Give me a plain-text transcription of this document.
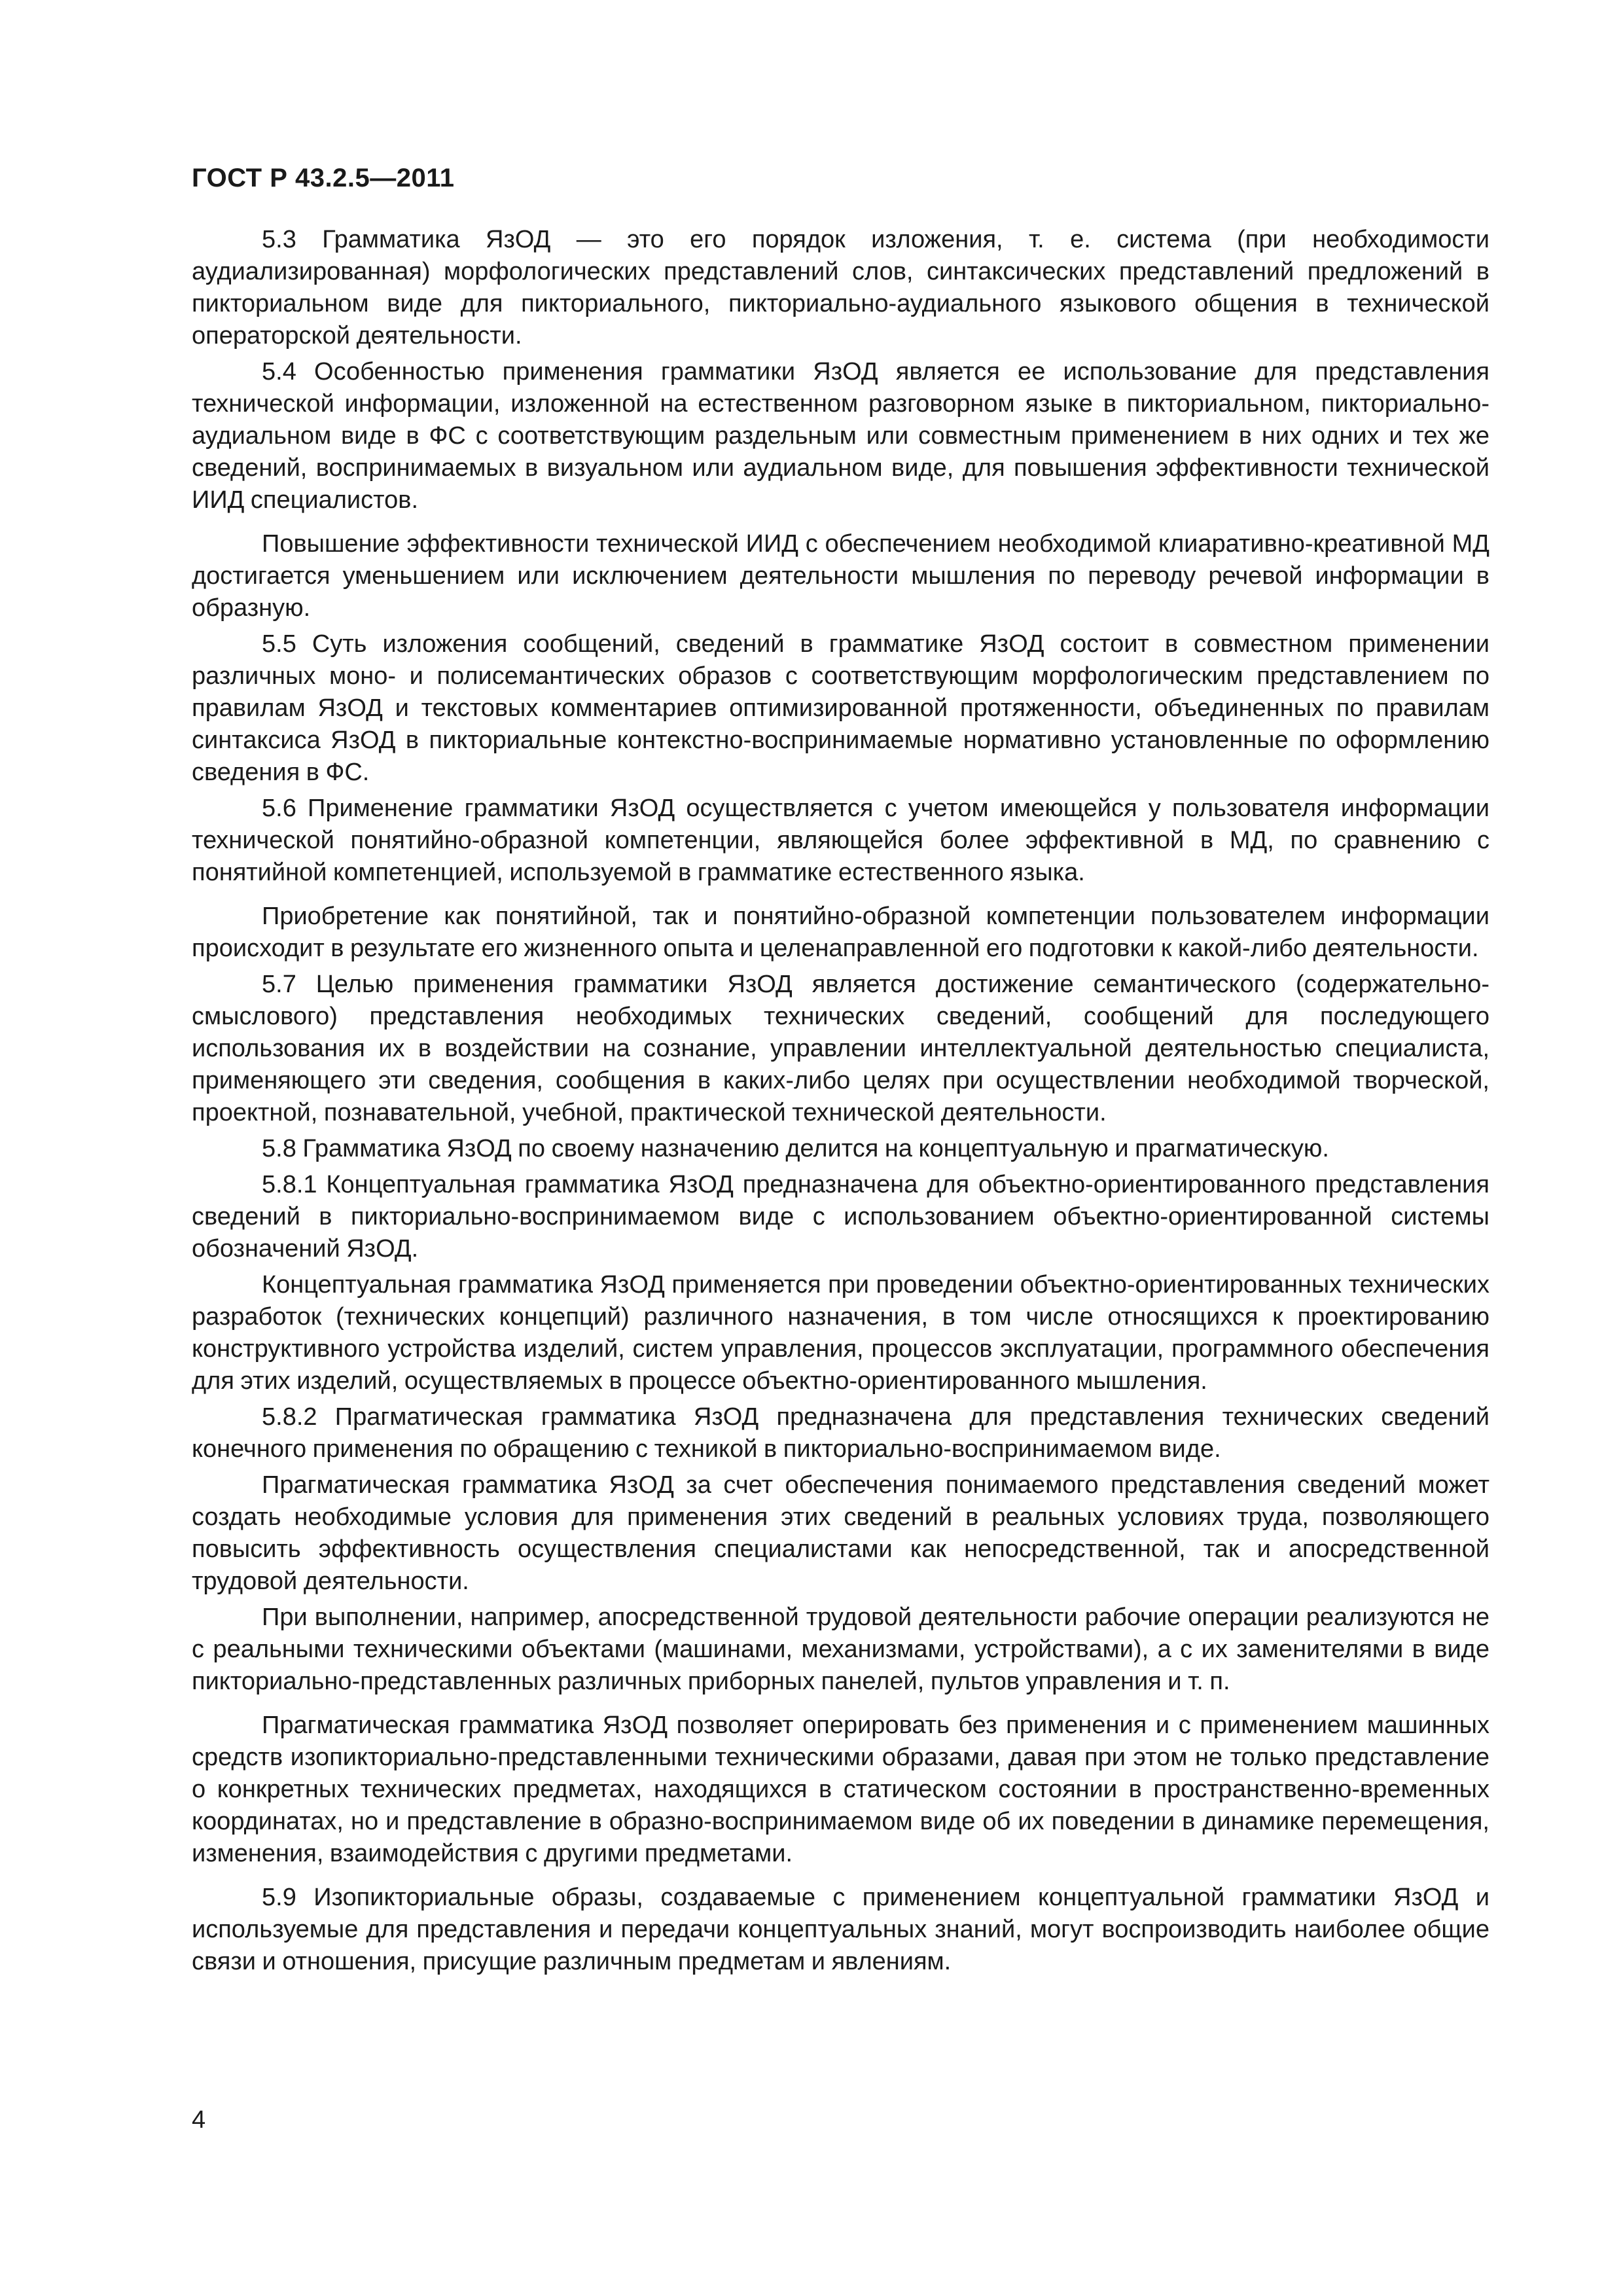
ГОСТ Р 43.2.5—2011

5.3 Грамматика ЯзОД — это его порядок изложения, т. е. система (при необходимости аудиализированная) морфологических представлений слов, синтаксических представлений предложений в пикториальном виде для пикториального, пикториально-аудиального языкового общения в технической операторской деятельности.

5.4 Особенностью применения грамматики ЯзОД является ее использование для представления технической информации, изложенной на естественном разговорном языке в пикториальном, пикториально-аудиальном виде в ФС с соответствующим раздельным или совместным применением в них одних и тех же сведений, воспринимаемых в визуальном или аудиальном виде, для повышения эффективности технической ИИД специалистов.

Повышение эффективности технической ИИД с обеспечением необходимой клиаративно-креативной МД достигается уменьшением или исключением деятельности мышления по переводу речевой информации в образную.

5.5 Суть изложения сообщений, сведений в грамматике ЯзОД состоит в совместном применении различных моно- и полисемантических образов с соответствующим морфологическим представлением по правилам ЯзОД и текстовых комментариев оптимизированной протяженности, объединенных по правилам синтаксиса ЯзОД в пикториальные контекстно-воспринимаемые нормативно установленные по оформлению сведения в ФС.

5.6 Применение грамматики ЯзОД осуществляется с учетом имеющейся у пользователя информации технической понятийно-образной компетенции, являющейся более эффективной в МД, по сравнению с понятийной компетенцией, используемой в грамматике естественного языка.

Приобретение как понятийной, так и понятийно-образной компетенции пользователем информации происходит в результате его жизненного опыта и целенаправленной его подготовки к какой-либо деятельности.

5.7 Целью применения грамматики ЯзОД является достижение семантического (содержательно-смыслового) представления необходимых технических сведений, сообщений для последующего использования их в воздействии на сознание, управлении интеллектуальной деятельностью специалиста, применяющего эти сведения, сообщения в каких-либо целях при осуществлении необходимой творческой, проектной, познавательной, учебной, практической технической деятельности.

5.8 Грамматика ЯзОД по своему назначению делится на концептуальную и прагматическую.

5.8.1 Концептуальная грамматика ЯзОД предназначена для объектно-ориентированного представления сведений в пикториально-воспринимаемом виде с использованием объектно-ориентированной системы обозначений ЯзОД.

Концептуальная грамматика ЯзОД применяется при проведении объектно-ориентированных технических разработок (технических концепций) различного назначения, в том числе относящихся к проектированию конструктивного устройства изделий, систем управления, процессов эксплуатации, программного обеспечения для этих изделий, осуществляемых в процессе объектно-ориентированного мышления.

5.8.2 Прагматическая грамматика ЯзОД предназначена для представления технических сведений конечного применения по обращению с техникой в пикториально-воспринимаемом виде.

Прагматическая грамматика ЯзОД за счет обеспечения понимаемого представления сведений может создать необходимые условия для применения этих сведений в реальных условиях труда, позволяющего повысить эффективность осуществления специалистами как непосредственной, так и апосредственной трудовой деятельности.

При выполнении, например, апосредственной трудовой деятельности рабочие операции реализуются не с реальными техническими объектами (машинами, механизмами, устройствами), а с их заменителями в виде пикториально-представленных различных приборных панелей, пультов управления и т. п.

Прагматическая грамматика ЯзОД позволяет оперировать без применения и с применением машинных средств изопикториально-представленными техническими образами, давая при этом не только представление о конкретных технических предметах, находящихся в статическом состоянии в пространственно-временных координатах, но и представление в образно-воспринимаемом виде об их поведении в динамике перемещения, изменения, взаимодействия с другими предметами.

5.9 Изопикториальные образы, создаваемые с применением концептуальной грамматики ЯзОД и используемые для представления и передачи концептуальных знаний, могут воспроизводить наиболее общие связи и отношения, присущие различным предметам и явлениям.

4
